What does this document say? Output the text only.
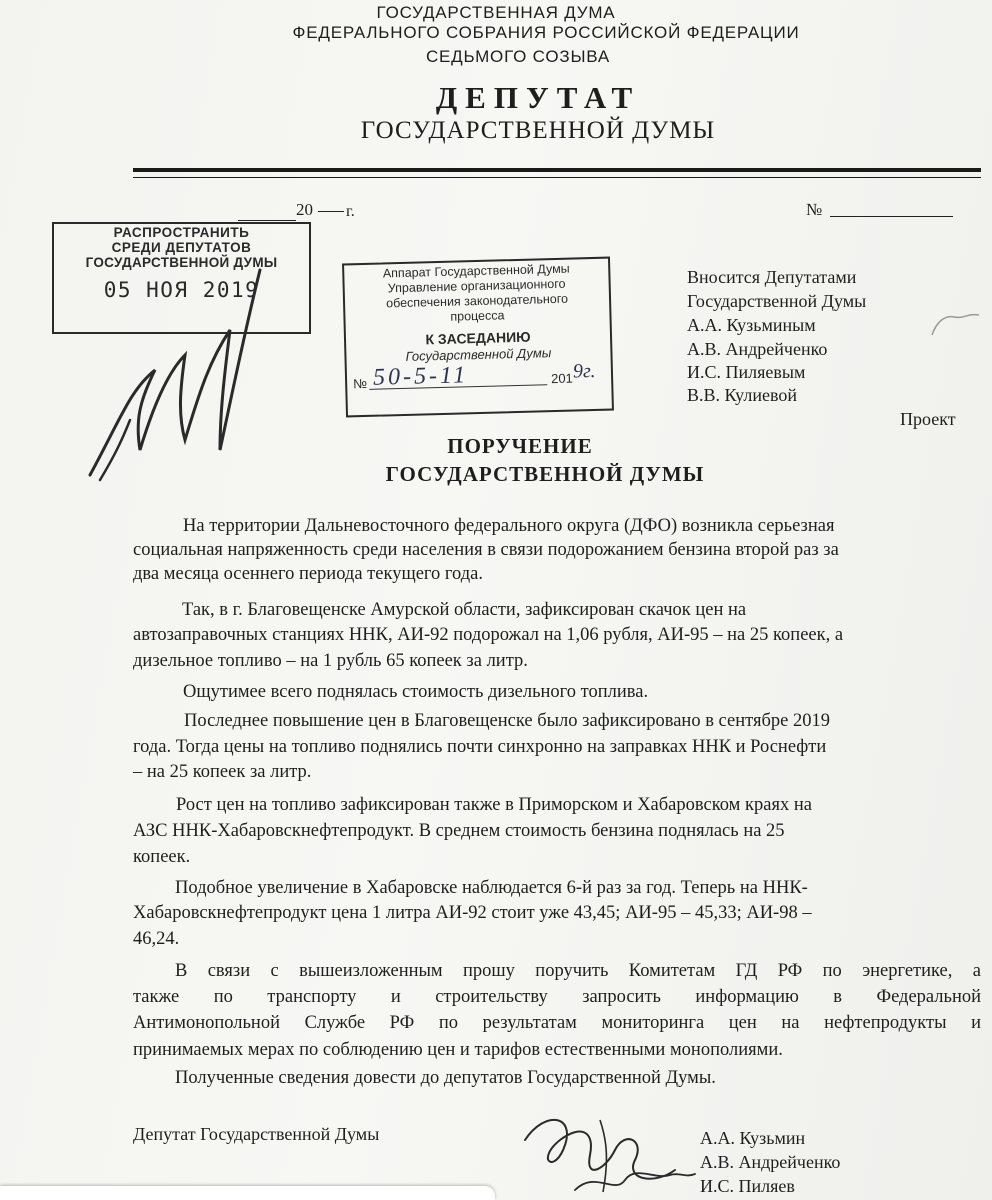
ГОСУДАРСТВЕННАЯ ДУМА
ФЕДЕРАЛЬНОГО СОБРАНИЯ РОССИЙСКОЙ ФЕДЕРАЦИИ
СЕДЬМОГО СОЗЫВА
ДЕПУТАТ
ГОСУДАРСТВЕННОЙ ДУМЫ
20 г.	№
РАСПРОСТРАНИТЬ
СРЕДИ ДЕПУТАТОВ
ГОСУДАРСТВЕННОЙ ДУМЫ
05 НОЯ 2019
Аппарат Государственной Думы
Управление организационного
обеспечения законодательного
процесса
К ЗАСЕДАНИЮ
Государственной Думы
№ 50-5-11	201 9г.
Вносится Депутатами
Государственной Думы
А.А. Кузьминым
А.В. Андрейченко
И.С. Пиляевым
В.В. Кулиевой
Проект
ПОРУЧЕНИЕ
ГОСУДАРСТВЕННОЙ ДУМЫ
На территории Дальневосточного федерального округа (ДФО) возникла серьезная
социальная напряженность среди населения в связи подорожанием бензина второй раз за
два месяца осеннего периода текущего года.
Так, в г. Благовещенске Амурской области, зафиксирован скачок цен на
автозаправочных станциях ННК, АИ-92 подорожал на 1,06 рубля, АИ-95 – на 25 копеек, а
дизельное топливо – на 1 рубль 65 копеек за литр.
Ощутимее всего поднялась стоимость дизельного топлива.
Последнее повышение цен в Благовещенске было зафиксировано в сентябре 2019
года. Тогда цены на топливо поднялись почти синхронно на заправках ННК и Роснефти
– на 25 копеек за литр.
Рост цен на топливо зафиксирован также в Приморском и Хабаровском краях на
АЗС ННК-Хабаровскнефтепродукт. В среднем стоимость бензина поднялась на 25
копеек.
Подобное увеличение в Хабаровске наблюдается 6-й раз за год. Теперь на ННК-
Хабаровскнефтепродукт цена 1 литра АИ-92 стоит уже 43,45; АИ-95 – 45,33; АИ-98 –
46,24.
В связи с вышеизложенным прошу поручить Комитетам ГД РФ по энергетике, а
также по транспорту и строительству запросить информацию в Федеральной
Антимонопольной Службе РФ по результатам мониторинга цен на нефтепродукты и
принимаемых мерах по соблюдению цен и тарифов естественными монополиями.
Полученные сведения довести до депутатов Государственной Думы.
Депутат Государственной Думы	А.А. Кузьмин
А.В. Андрейченко
И.С. Пиляев
